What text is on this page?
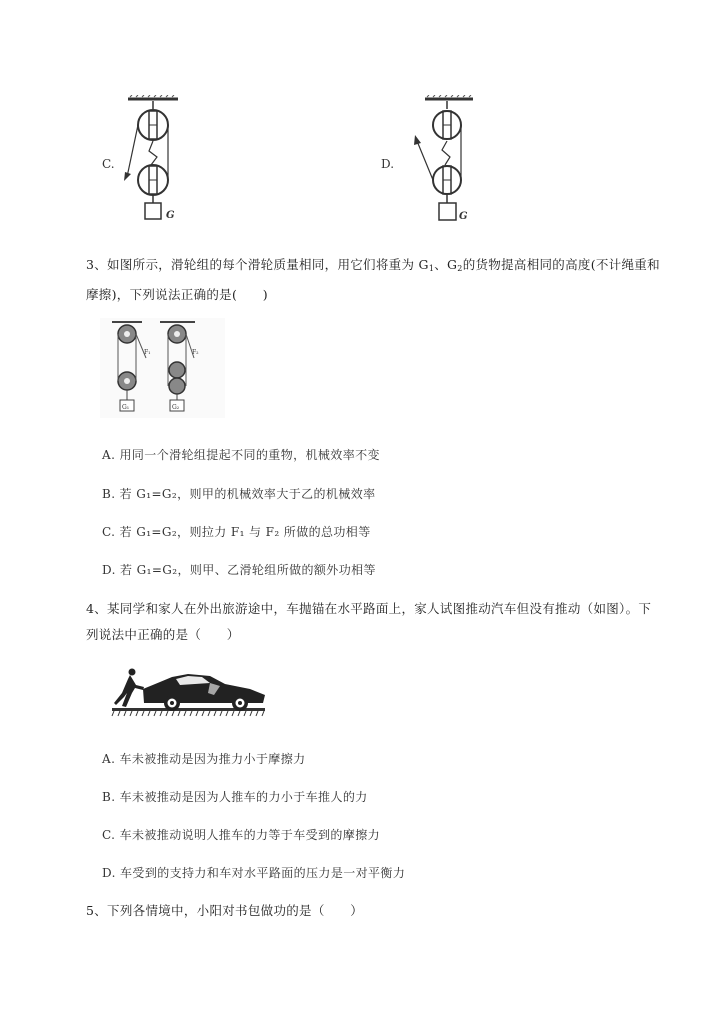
C.
G
D.
G
3、如图所示，滑轮组的每个滑轮质量相同，用它们将重为 $G_1$、$G_2$的货物提高相同的高度(不计绳重和
摩擦)，下列说法正确的是(　　)
F₁
G₁
F₂
G₂
A. 用同一个滑轮组提起不同的重物，机械效率不变
B. 若 G₁=G₂，则甲的机械效率大于乙的机械效率
C. 若 G₁=G₂，则拉力 F₁ 与 F₂ 所做的总功相等
D. 若 G₁=G₂，则甲、乙滑轮组所做的额外功相等
4、某同学和家人在外出旅游途中，车抛锚在水平路面上，家人试图推动汽车但没有推动（如图）。下
列说法中正确的是（　　）
A. 车未被推动是因为推力小于摩擦力
B. 车未被推动是因为人推车的力小于车推人的力
C. 车未被推动说明人推车的力等于车受到的摩擦力
D. 车受到的支持力和车对水平路面的压力是一对平衡力
5、下列各情境中，小阳对书包做功的是（　　）
